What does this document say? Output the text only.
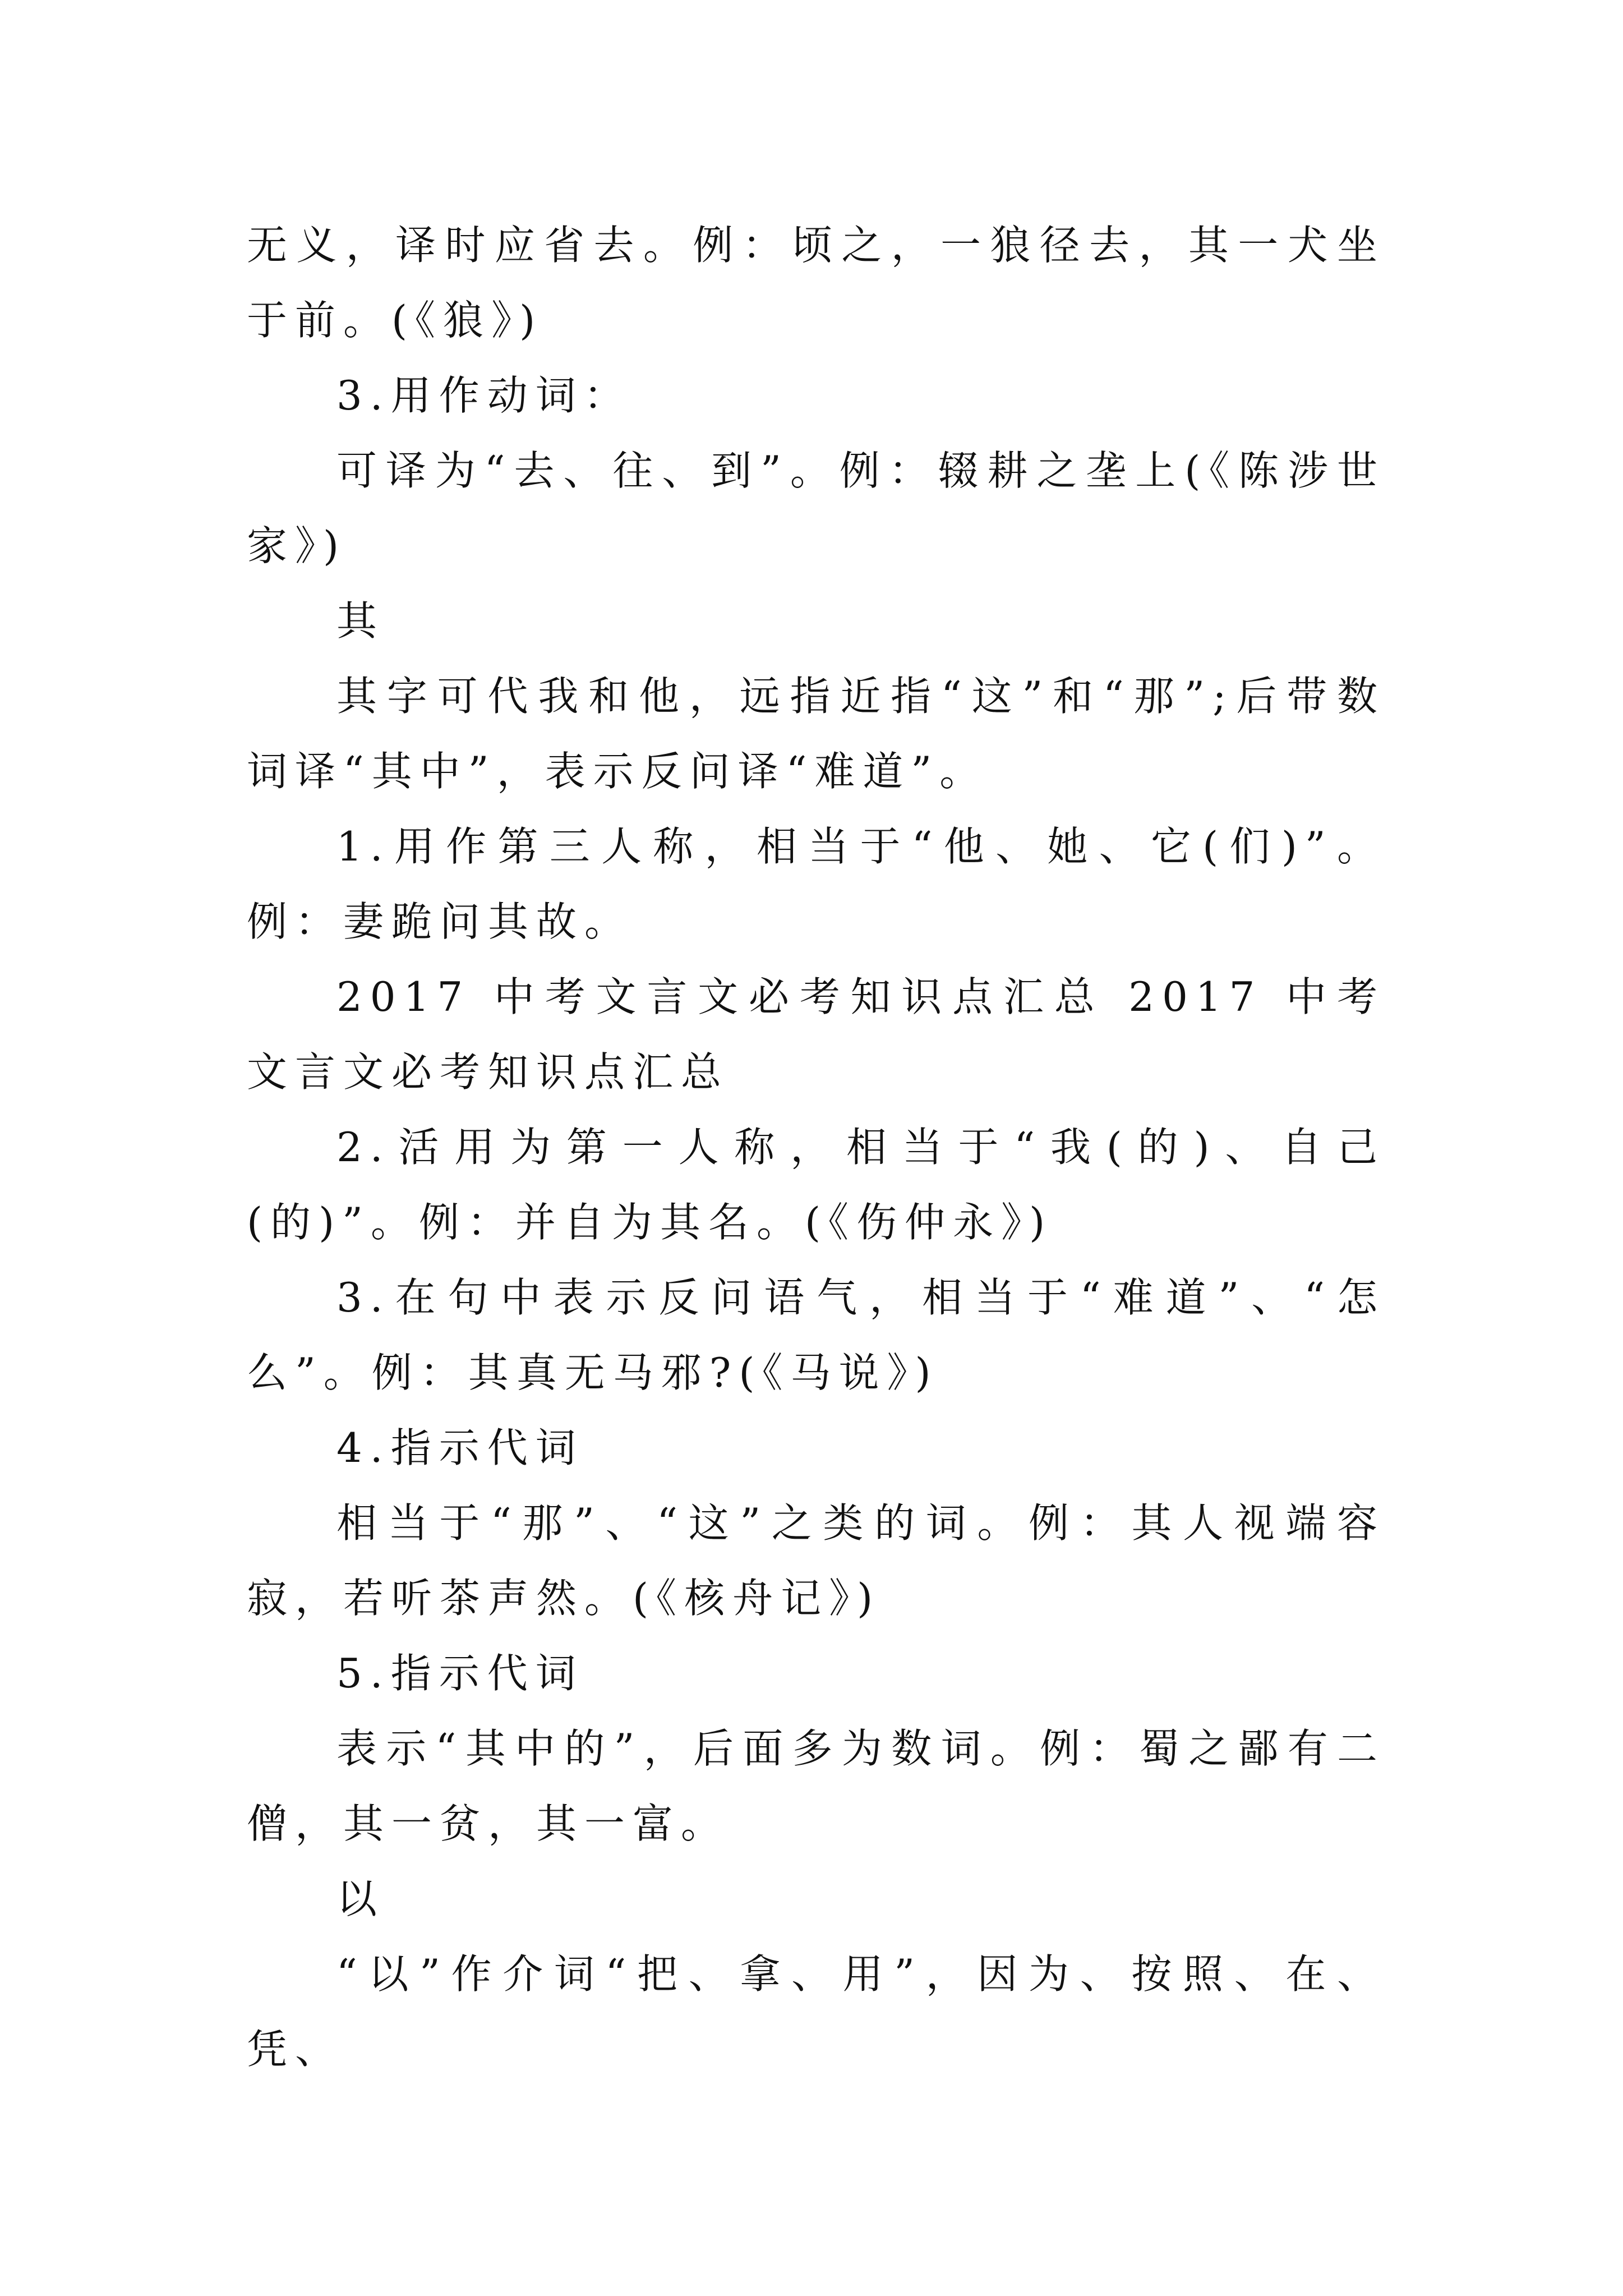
无义，译时应省去。例：顷之，一狼径去，其一犬坐于前。(《狼》)

3.用作动词：

可译为“去、往、到”。例：辍耕之垄上(《陈涉世家》)

其

其字可代我和他，远指近指“这”和“那”;后带数词译“其中”，表示反问译“难道”。

1.用作第三人称，相当于“他、她、它(们)”。例：妻跪问其故。

2017 中考文言文必考知识点汇总 2017 中考文言文必考知识点汇总

2.活用为第一人称，相当于“我(的)、自己(的)”。例：并自为其名。(《伤仲永》)

3.在句中表示反问语气，相当于“难道”、“怎么”。例：其真无马邪?(《马说》)

4.指示代词

相当于“那”、“这”之类的词。例：其人视端容寂，若听茶声然。(《核舟记》)

5.指示代词

表示“其中的”，后面多为数词。例：蜀之鄙有二僧，其一贫，其一富。

以

“以”作介词“把、拿、用”，因为、按照、在、凭、
